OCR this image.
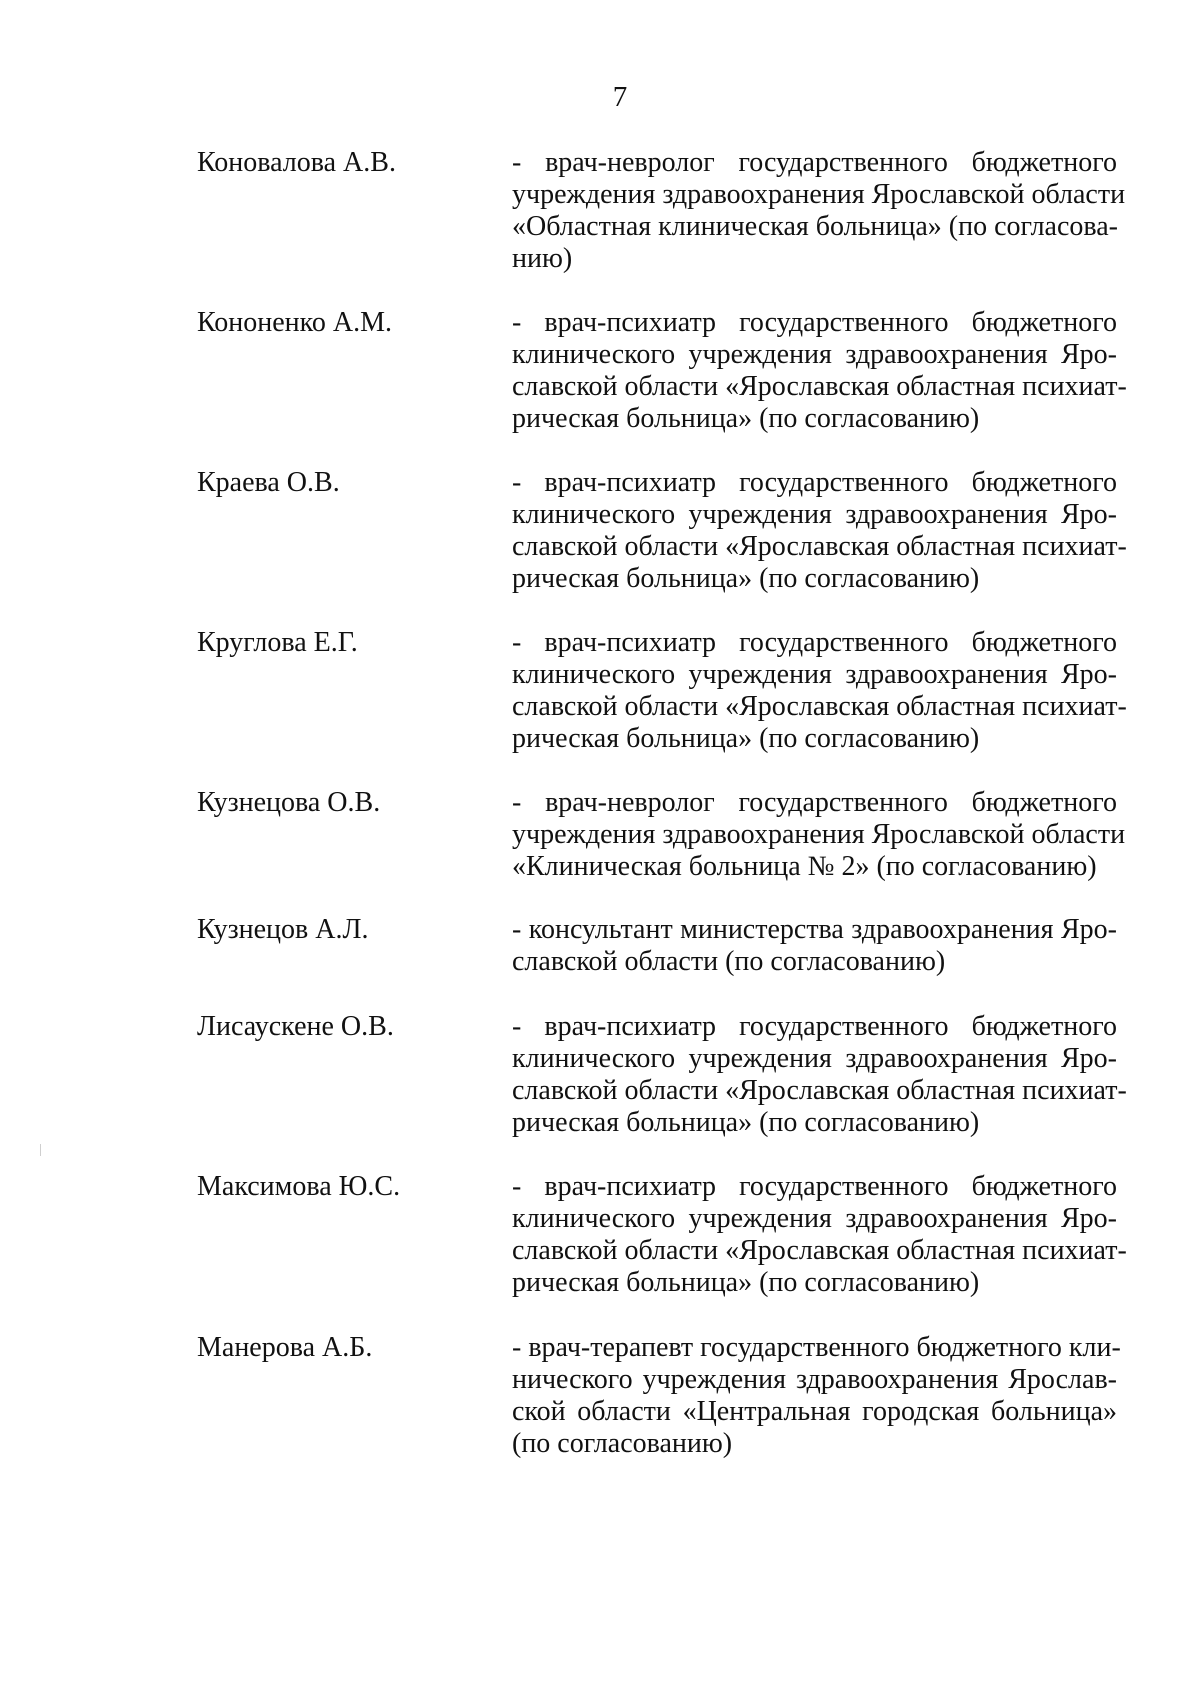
7
Коновалова А.В.	- врач-невролог государственного бюджетного
учреждения здравоохранения Ярославской области
«Областная клиническая больница» (по согласова-
нию)
Кононенко А.М.	- врач-психиатр государственного бюджетного
клинического учреждения здравоохранения Яро-
славской области «Ярославская областная психиат-
рическая больница» (по согласованию)
Краева О.В.	- врач-психиатр государственного бюджетного
клинического учреждения здравоохранения Яро-
славской области «Ярославская областная психиат-
рическая больница» (по согласованию)
Круглова Е.Г.	- врач-психиатр государственного бюджетного
клинического учреждения здравоохранения Яро-
славской области «Ярославская областная психиат-
рическая больница» (по согласованию)
Кузнецова О.В.	- врач-невролог государственного бюджетного
учреждения здравоохранения Ярославской области
«Клиническая больница № 2» (по согласованию)
Кузнецов А.Л.	- консультант министерства здравоохранения Яро-
славской области (по согласованию)
Лисаускене О.В.	- врач-психиатр государственного бюджетного
клинического учреждения здравоохранения Яро-
славской области «Ярославская областная психиат-
рическая больница» (по согласованию)
Максимова Ю.С.	- врач-психиатр государственного бюджетного
клинического учреждения здравоохранения Яро-
славской области «Ярославская областная психиат-
рическая больница» (по согласованию)
Манерова А.Б.	- врач-терапевт государственного бюджетного кли-
нического учреждения здравоохранения Ярослав-
ской области «Центральная городская больница»
(по согласованию)
